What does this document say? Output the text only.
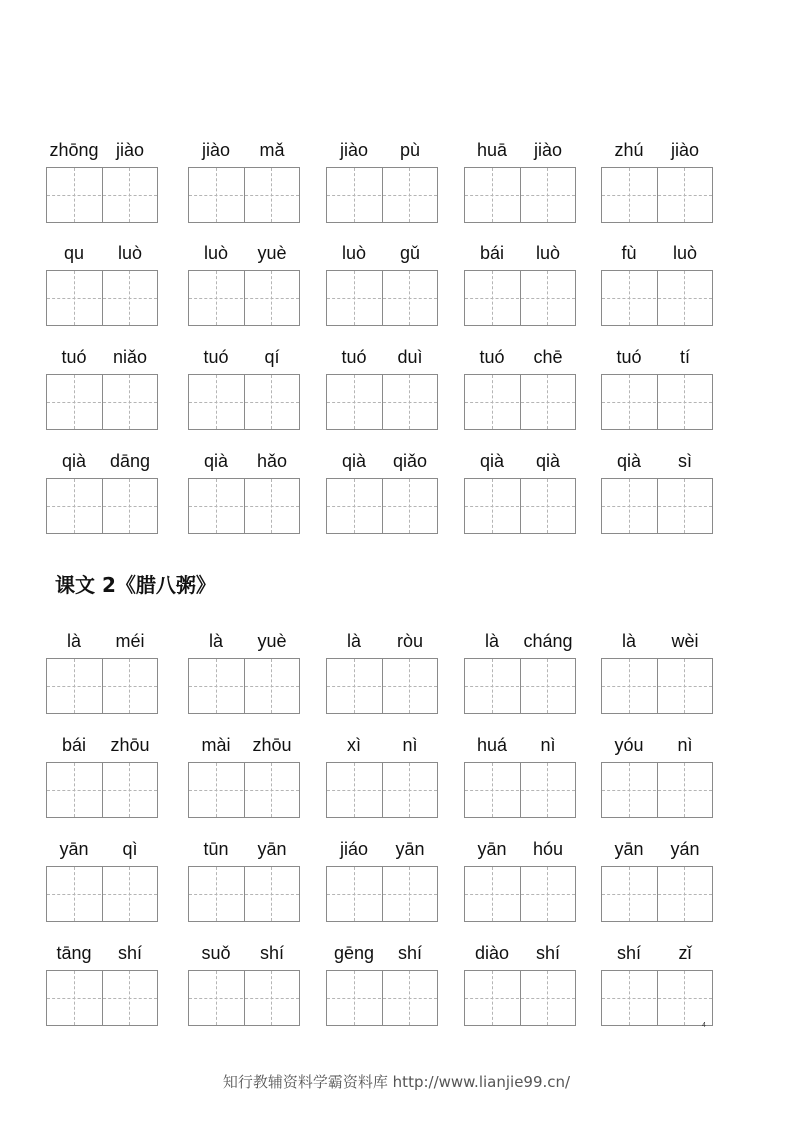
zhōng jiào	jiào	mǎ	jiào	pù	huā	jiào	zhú	jiào
qu	luò	luò	yuè	luò	gǔ	bái	luò	fù	luò
tuó	niǎo	tuó	qí	tuó	duì	tuó	chē	tuó	tí
qià	dāng	qià	hǎo	qià	qiǎo	qià	qià	qià	sì
课文 2《腊八粥》
là	méi	là	yuè	là	ròu	là	cháng	là	wèi
bái	zhōu	mài	zhōu	xì	nì	huá	nì	yóu	nì
yān	qì	tūn	yān	jiáo	yān	yān	hóu	yān	yán
tāng	shí	suǒ	shí	gēng	shí	diào	shí	shí	zǐ
4
知行教辅资料学霸资料库 http://www.lianjie99.cn/
